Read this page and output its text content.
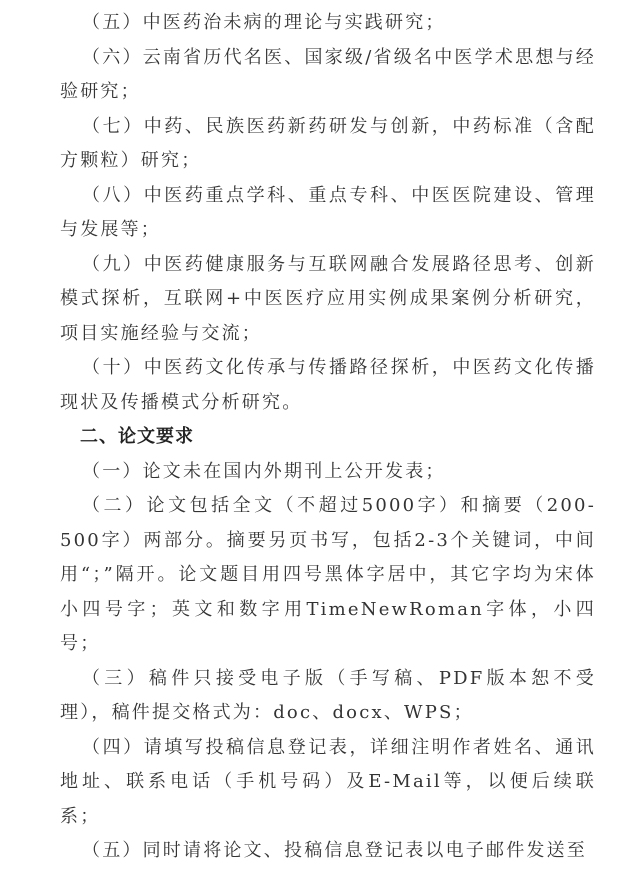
（五）中医药治未病的理论与实践研究；

（六）云南省历代名医、国家级/省级名中医学术思想与经验研究；

（七）中药、民族医药新药研发与创新，中药标准（含配方颗粒）研究；

（八）中医药重点学科、重点专科、中医医院建设、管理与发展等；

（九）中医药健康服务与互联网融合发展路径思考、创新模式探析，互联网+中医医疗应用实例成果案例分析研究，项目实施经验与交流；

（十）中医药文化传承与传播路径探析，中医药文化传播现状及传播模式分析研究。

二、论文要求

（一）论文未在国内外期刊上公开发表；

（二）论文包括全文（不超过5000字）和摘要（200-500字）两部分。摘要另页书写，包括2-3个关键词，中间用“；”隔开。论文题目用四号黑体字居中，其它字均为宋体小四号字；英文和数字用TimeNewRoman字体，小四号；

（三）稿件只接受电子版（手写稿、PDF版本恕不受理），稿件提交格式为：doc、docx、WPS；

（四）请填写投稿信息登记表，详细注明作者姓名、通讯地址、联系电话（手机号码）及E-Mail等，以便后续联系；

（五）同时请将论文、投稿信息登记表以电子邮件发送至
